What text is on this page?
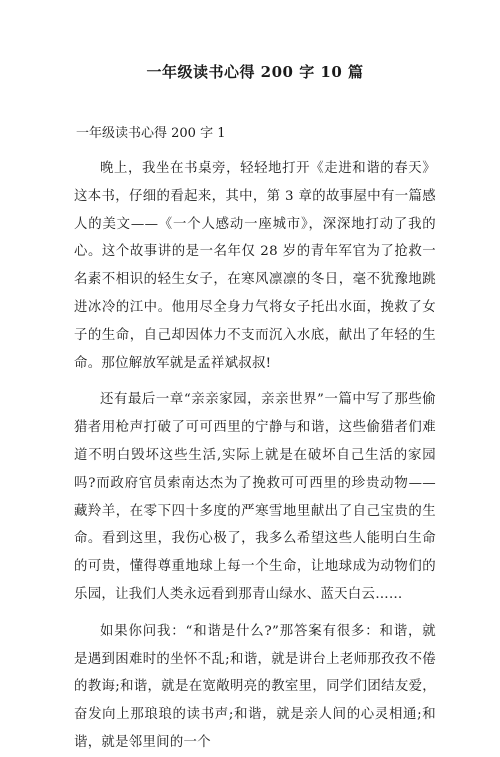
一年级读书心得 200 字 10 篇
一年级读书心得 200 字 1

晚上，我坐在书桌旁，轻轻地打开《走进和谐的春天》这本书，仔细的看起来，其中，第 3 章的故事屋中有一篇感人的美文——《一个人感动一座城市》，深深地打动了我的心。这个故事讲的是一名年仅 28 岁的青年军官为了抢救一名素不相识的轻生女子，在寒风凛凛的冬日，毫不犹豫地跳进冰冷的江中。他用尽全身力气将女子托出水面，挽救了女子的生命，自己却因体力不支而沉入水底，献出了年轻的生命。那位解放军就是孟祥斌叔叔!

还有最后一章“亲亲家园，亲亲世界”一篇中写了那些偷猎者用枪声打破了可可西里的宁静与和谐，这些偷猎者们难道不明白毁坏这些生活,实际上就是在破坏自己生活的家园吗?而政府官员索南达杰为了挽救可可西里的珍贵动物——藏羚羊，在零下四十多度的严寒雪地里献出了自己宝贵的生命。看到这里，我伤心极了，我多么希望这些人能明白生命的可贵，懂得尊重地球上每一个生命，让地球成为动物们的乐园，让我们人类永远看到那青山绿水、蓝天白云……

如果你问我：“和谐是什么?”那答案有很多：和谐，就是遇到困难时的坐怀不乱;和谐，就是讲台上老师那孜孜不倦的教诲;和谐，就是在宽敞明亮的教室里，同学们团结友爱，奋发向上那琅琅的读书声;和谐，就是亲人间的心灵相通;和谐，就是邻里间的一个
